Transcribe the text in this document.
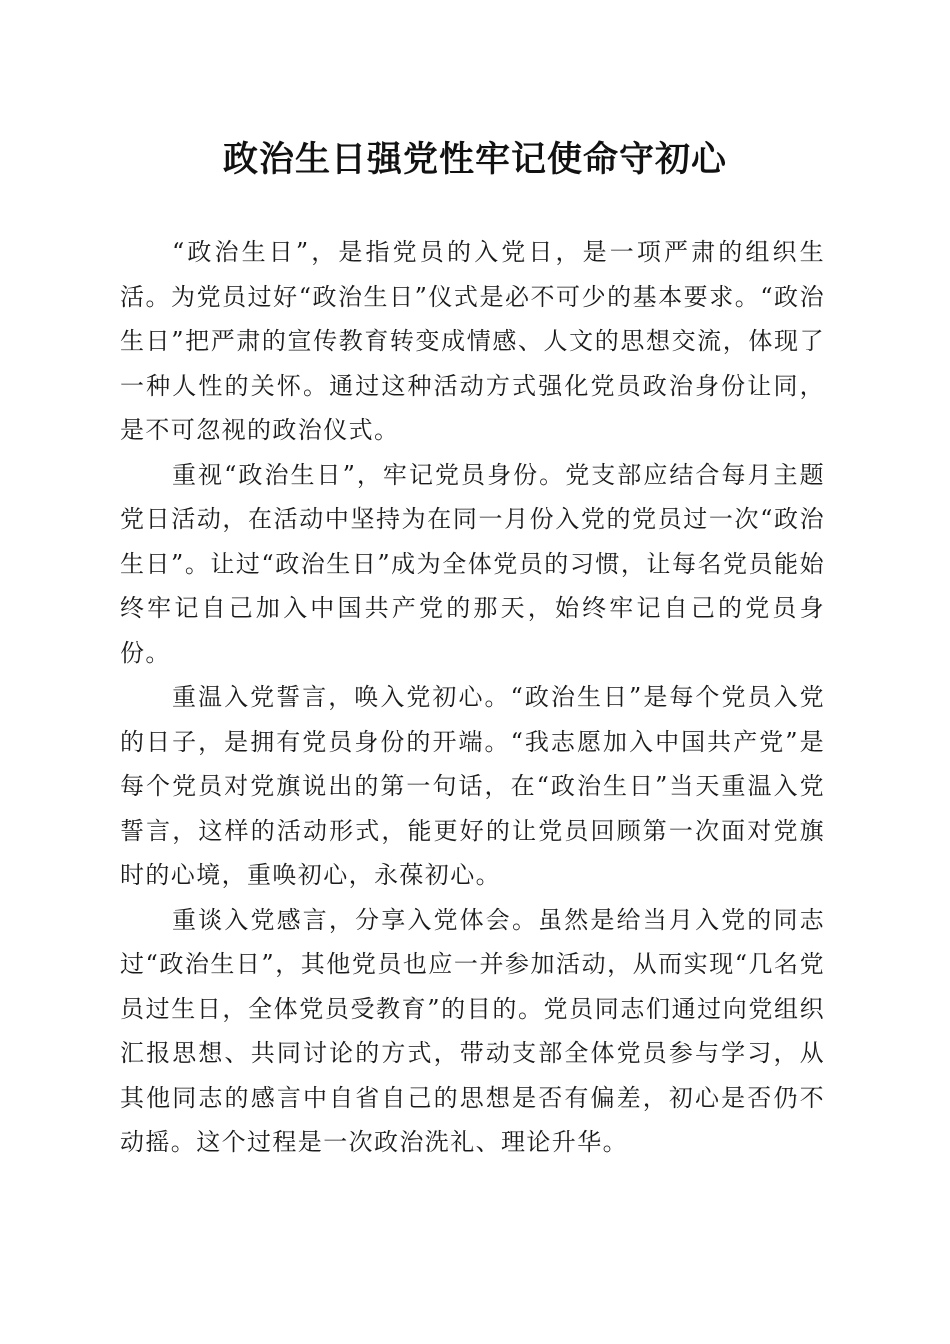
政治生日强党性牢记使命守初心

“政治生日”，是指党员的入党日，是一项严肃的组织生活。为党员过好“政治生日”仪式是必不可少的基本要求。“政治生日”把严肃的宣传教育转变成情感、人文的思想交流，体现了一种人性的关怀。通过这种活动方式强化党员政治身份让同，是不可忽视的政治仪式。

重视“政治生日”，牢记党员身份。党支部应结合每月主题党日活动，在活动中坚持为在同一月份入党的党员过一次“政治生日”。让过“政治生日”成为全体党员的习惯，让每名党员能始终牢记自己加入中国共产党的那天，始终牢记自己的党员身份。

重温入党誓言，唤入党初心。“政治生日”是每个党员入党的日子，是拥有党员身份的开端。“我志愿加入中国共产党”是每个党员对党旗说出的第一句话，在“政治生日”当天重温入党誓言，这样的活动形式，能更好的让党员回顾第一次面对党旗时的心境，重唤初心，永葆初心。

重谈入党感言，分享入党体会。虽然是给当月入党的同志过“政治生日”，其他党员也应一并参加活动，从而实现“几名党员过生日，全体党员受教育”的目的。党员同志们通过向党组织汇报思想、共同讨论的方式，带动支部全体党员参与学习，从其他同志的感言中自省自己的思想是否有偏差，初心是否仍不动摇。这个过程是一次政治洗礼、理论升华。
